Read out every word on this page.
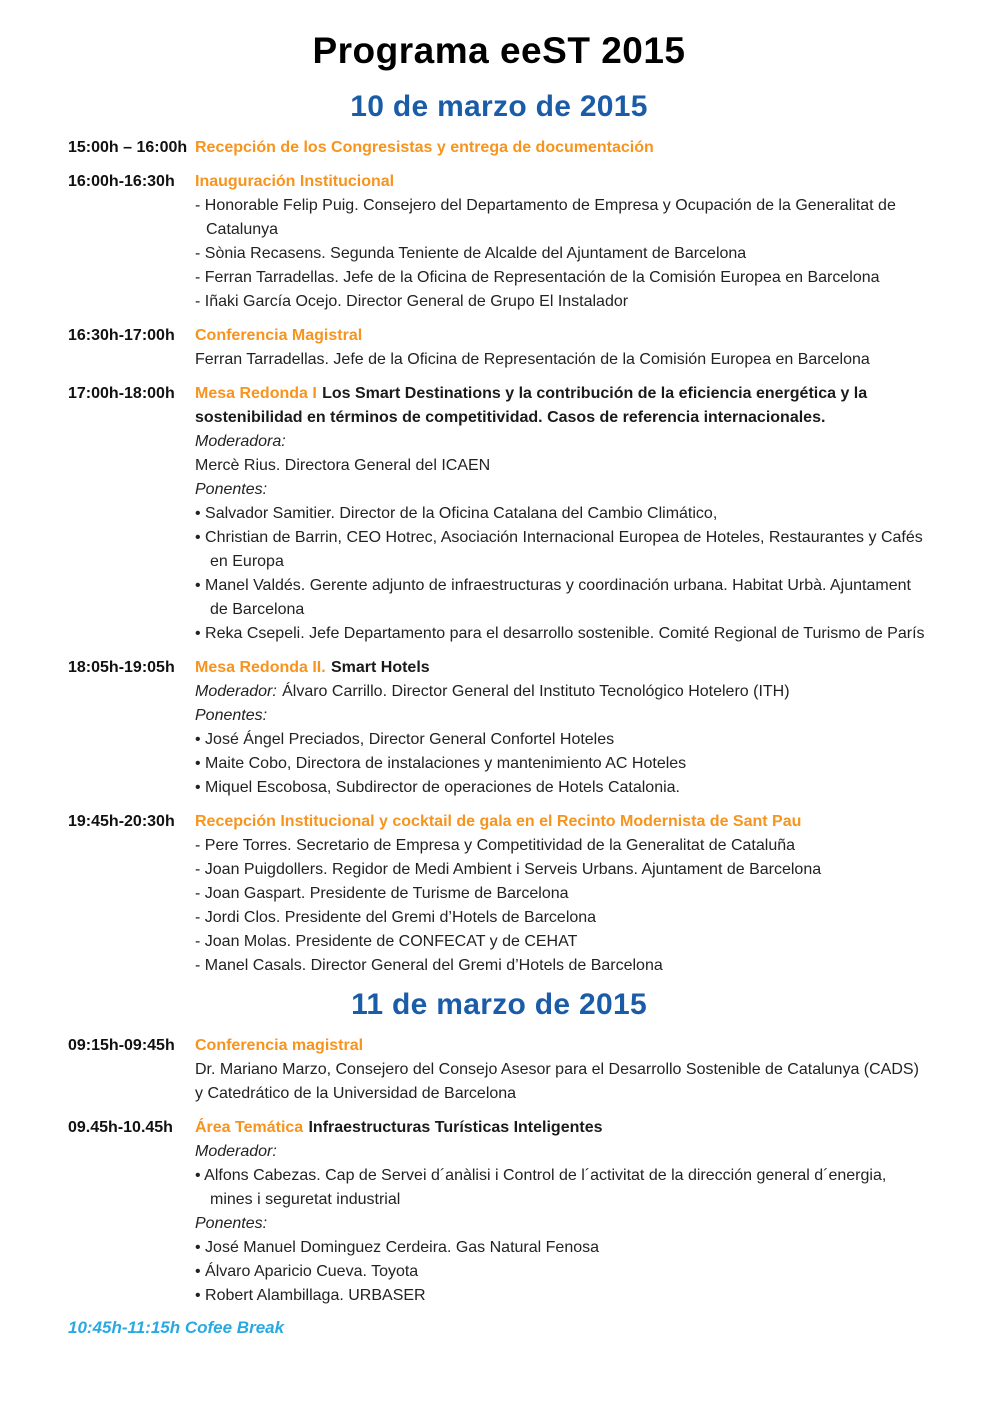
Programa eeST 2015
10 de marzo de 2015
15:00h – 16:00h Recepción de los Congresistas y entrega de documentación
16:00h-16:30h	Inauguración Institucional
- Honorable Felip Puig. Consejero del Departamento de Empresa y Ocupación de la Generalitat de Catalunya
- Sònia Recasens. Segunda Teniente de Alcalde del Ajuntament de Barcelona
- Ferran Tarradellas. Jefe de la Oficina de Representación de la Comisión Europea en Barcelona
- Iñaki García Ocejo. Director General de Grupo El Instalador
16:30h-17:00h	Conferencia Magistral
Ferran Tarradellas. Jefe de la Oficina de Representación de la Comisión Europea en Barcelona
17:00h-18:00h	Mesa Redonda I Los Smart Destinations y la contribución de la eficiencia energética y la sostenibilidad en términos de competitividad. Casos de referencia internacionales.
Moderadora:
Mercè Rius. Directora General del ICAEN
Ponentes:
• Salvador Samitier. Director de la Oficina Catalana del Cambio Climático,
• Christian de Barrin, CEO Hotrec, Asociación Internacional Europea de Hoteles, Restaurantes y Cafés en Europa
• Manel Valdés. Gerente adjunto de infraestructuras y coordinación urbana. Habitat Urbà. Ajuntament de Barcelona
• Reka Csepeli. Jefe Departamento para el desarrollo sostenible. Comité Regional de Turismo de París
18:05h-19:05h	Mesa Redonda II. Smart Hotels
Moderador: Álvaro Carrillo. Director General del Instituto Tecnológico Hotelero (ITH)
Ponentes:
• José Ángel Preciados, Director General Confortel Hoteles
• Maite Cobo, Directora de instalaciones y mantenimiento AC Hoteles
• Miquel Escobosa, Subdirector de operaciones de Hotels Catalonia.
19:45h-20:30h	Recepción Institucional y cocktail de gala en el Recinto Modernista de Sant Pau
- Pere Torres. Secretario de Empresa y Competitividad de la Generalitat de Cataluña
- Joan Puigdollers. Regidor de Medi Ambient i Serveis Urbans. Ajuntament de Barcelona
- Joan Gaspart. Presidente de Turisme de Barcelona
- Jordi Clos. Presidente del Gremi d’Hotels de Barcelona
- Joan Molas. Presidente de CONFECAT y de CEHAT
- Manel Casals. Director General del Gremi d’Hotels de Barcelona
11 de marzo de 2015
09:15h-09:45h	Conferencia magistral
Dr. Mariano Marzo, Consejero del Consejo Asesor para el Desarrollo Sostenible de Catalunya (CADS) y Catedrático de la Universidad de Barcelona
09.45h-10.45h	Área Temática Infraestructuras Turísticas Inteligentes
Moderador:
• Alfons Cabezas. Cap de Servei d´anàlisi i Control de l´activitat de la dirección general d´energia, mines i seguretat industrial
Ponentes:
• José Manuel Dominguez Cerdeira. Gas Natural Fenosa
• Álvaro Aparicio Cueva. Toyota
• Robert Alambillaga. URBASER
10:45h-11:15h Cofee Break
